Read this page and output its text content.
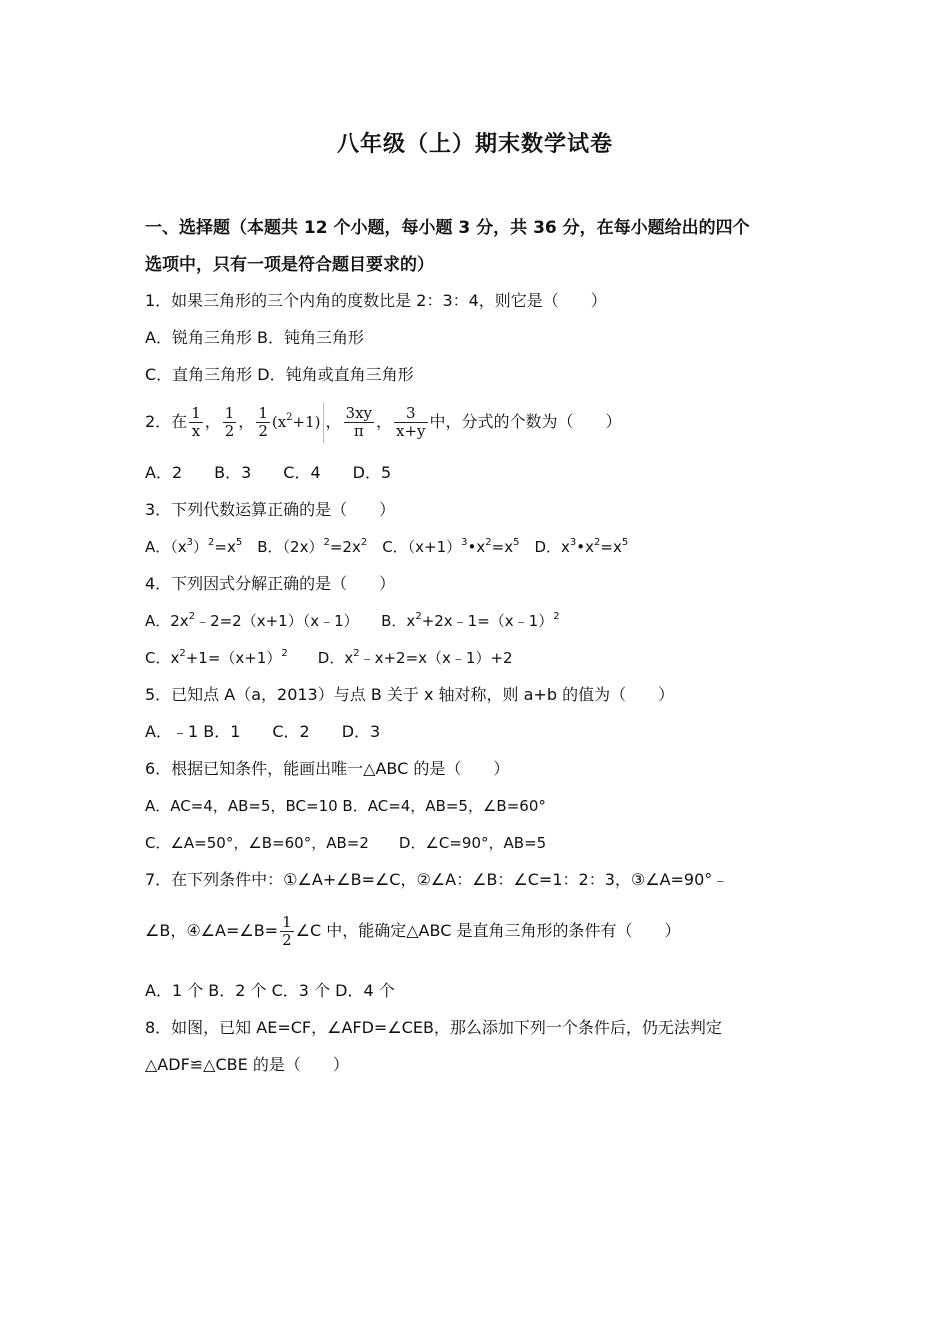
八年级（上）期末数学试卷
一、选择题（本题共 12 个小题，每小题 3 分，共 36 分，在每小题给出的四个
选项中，只有一项是符合题目要求的）
1．如果三角形的三个内角的度数比是 2：3：4，则它是（　　）
A．锐角三角形 B．钝角三角形
C．直角三角形 D．钝角或直角三角形
2．在 $\frac{1}{x}$ ， $\frac{1}{2}$ ， $\frac{1}{2} (x^2+1)$ ， $\frac{3xy}{\pi}$ ， $\frac{3}{x+y}$ 中，分式的个数为（　　）
A．2　　B．3　　C．4　　D．5
3．下列代数运算正确的是（　　）
A．$(x^3)^2=x^5$　B．$(2x)^2=2x^2$　C．$(x+1)^3•x^2=x^5$　D．$x^3•x^2=x^5$
4．下列因式分解正确的是（　　）
A．$2x^2﹣2=2(x+1)(x﹣1)$　　B．$x^2+2x﹣1=(x﹣1)^2$
C．$x^2+1=(x+1)^2$　　D．$x^2﹣x+2=x(x﹣1)+2$
5．已知点 A（a，2013）与点 B 关于 x 轴对称，则 a+b 的值为（　　）
A．﹣1 B．1　　C．2　　D．3
6．根据已知条件，能画出唯一△ABC 的是（　　）
A．AC=4，AB=5，BC=10 B．AC=4，AB=5，∠B=60°
C．∠A=50°，∠B=60°，AB=2　　D．∠C=90°，AB=5
7．在下列条件中：①∠A+∠B=∠C，②∠A：∠B：∠C=1：2：3，③∠A=90°﹣
∠B，④∠A=∠B= $\frac{1}{2}$ ∠C 中，能确定△ABC 是直角三角形的条件有（　　）
A．1 个 B．2 个 C．3 个 D．4 个
8．如图，已知 AE=CF，∠AFD=∠CEB，那么添加下列一个条件后，仍无法判定
△ADF≌△CBE 的是（　　）
